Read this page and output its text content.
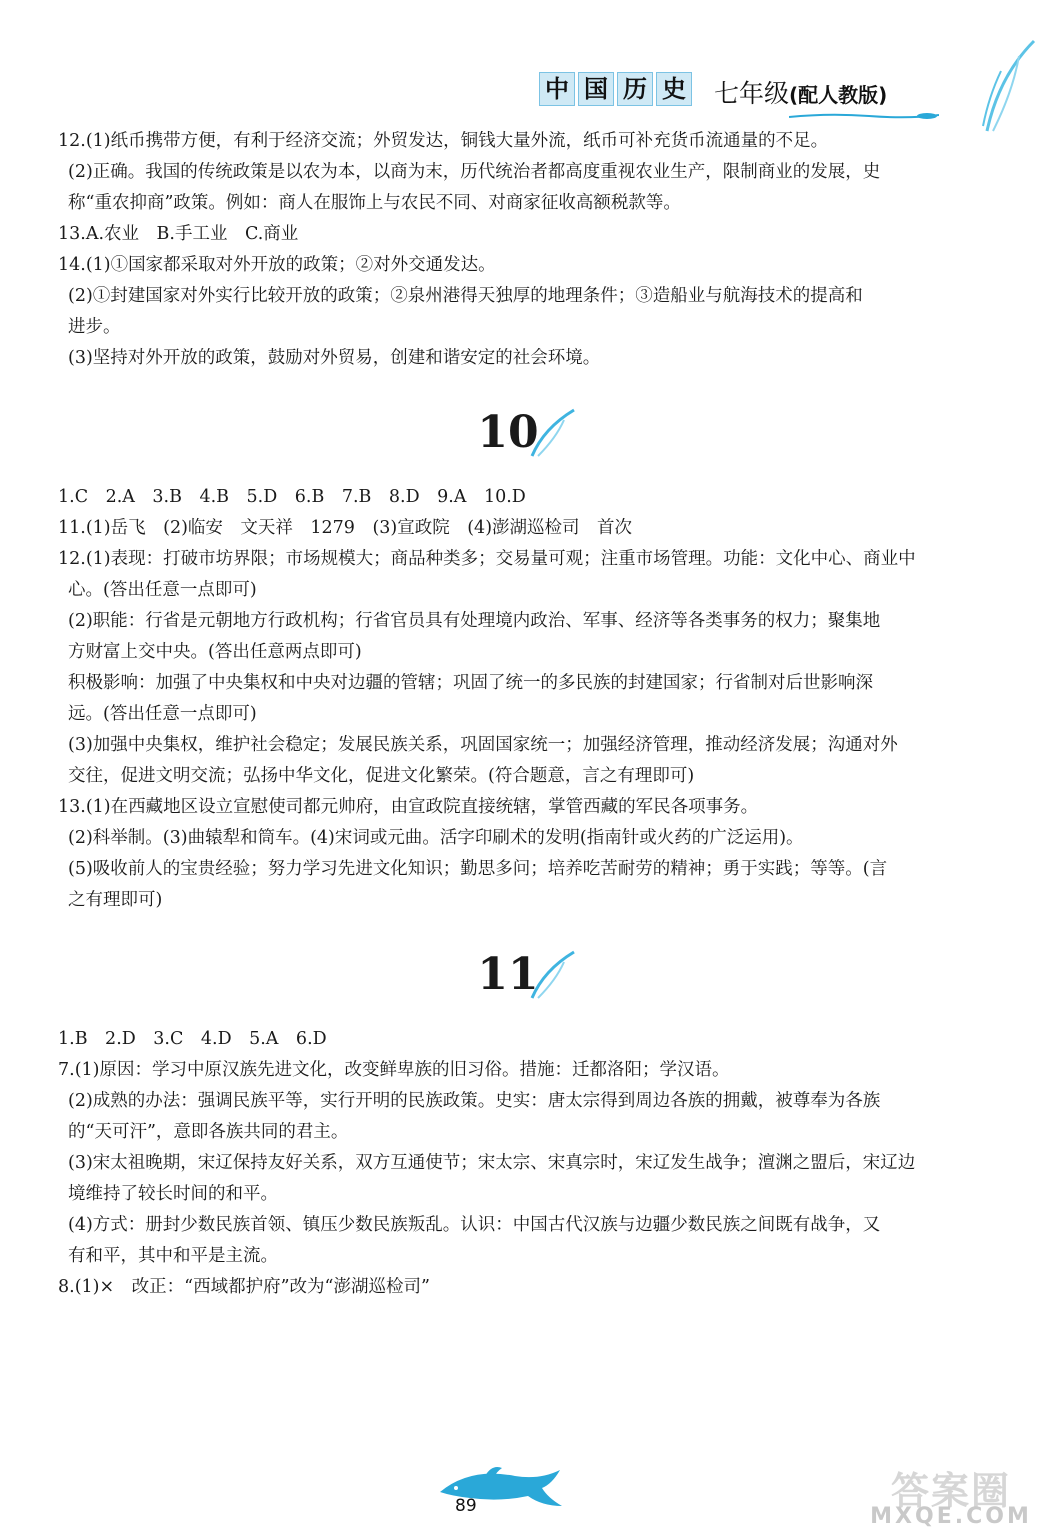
中 国 历 史 七年级(配人教版)
12.(1)纸币携带方便，有利于经济交流；外贸发达，铜钱大量外流，纸币可补充货币流通量的不足。
(2)正确。我国的传统政策是以农为本，以商为末，历代统治者都高度重视农业生产，限制商业的发展，史
称“重农抑商”政策。例如：商人在服饰上与农民不同、对商家征收高额税款等。
13.A.农业　B.手工业　C.商业
14.(1)①国家都采取对外开放的政策；②对外交通发达。
(2)①封建国家对外实行比较开放的政策；②泉州港得天独厚的地理条件；③造船业与航海技术的提高和
进步。
(3)坚持对外开放的政策，鼓励对外贸易，创建和谐安定的社会环境。
10
1.C　2.A　3.B　4.B　5.D　6.B　7.B　8.D　9.A　10.D
11.(1)岳飞　(2)临安　文天祥　1279　(3)宣政院　(4)澎湖巡检司　首次
12.(1)表现：打破市坊界限；市场规模大；商品种类多；交易量可观；注重市场管理。功能：文化中心、商业中
心。(答出任意一点即可)
(2)职能：行省是元朝地方行政机构；行省官员具有处理境内政治、军事、经济等各类事务的权力；聚集地
方财富上交中央。(答出任意两点即可)
积极影响：加强了中央集权和中央对边疆的管辖；巩固了统一的多民族的封建国家；行省制对后世影响深
远。(答出任意一点即可)
(3)加强中央集权，维护社会稳定；发展民族关系，巩固国家统一；加强经济管理，推动经济发展；沟通对外
交往，促进文明交流；弘扬中华文化，促进文化繁荣。(符合题意，言之有理即可)
13.(1)在西藏地区设立宣慰使司都元帅府，由宣政院直接统辖，掌管西藏的军民各项事务。
(2)科举制。(3)曲辕犁和筒车。(4)宋词或元曲。活字印刷术的发明(指南针或火药的广泛运用)。
(5)吸收前人的宝贵经验；努力学习先进文化知识；勤思多问；培养吃苦耐劳的精神；勇于实践；等等。(言
之有理即可)
11
1.B　2.D　3.C　4.D　5.A　6.D
7.(1)原因：学习中原汉族先进文化，改变鲜卑族的旧习俗。措施：迁都洛阳；学汉语。
(2)成熟的办法：强调民族平等，实行开明的民族政策。史实：唐太宗得到周边各族的拥戴，被尊奉为各族
的“天可汗”，意即各族共同的君主。
(3)宋太祖晚期，宋辽保持友好关系，双方互通使节；宋太宗、宋真宗时，宋辽发生战争；澶渊之盟后，宋辽边
境维持了较长时间的和平。
(4)方式：册封少数民族首领、镇压少数民族叛乱。认识：中国古代汉族与边疆少数民族之间既有战争，又
有和平，其中和平是主流。
8.(1)×　改正：“西域都护府”改为“澎湖巡检司”
89	答案圈
MXQE.COM
